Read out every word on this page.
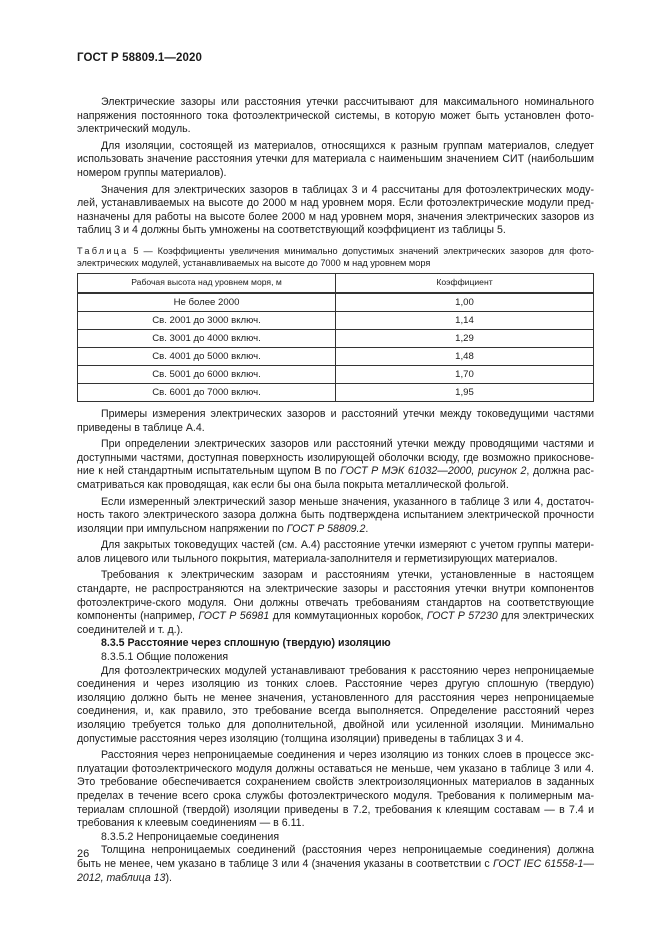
ГОСТ Р 58809.1—2020

Электрические зазоры или расстояния утечки рассчитывают для максимального номинального напряжения постоянного тока фотоэлектрической системы, в которую может быть установлен фото-электрический модуль.

Для изоляции, состоящей из материалов, относящихся к разным группам материалов, следует использовать значение расстояния утечки для материала с наименьшим значением СИТ (наибольшим номером группы материалов).

Значения для электрических зазоров в таблицах 3 и 4 рассчитаны для фотоэлектрических моду-лей, устанавливаемых на высоте до 2000 м над уровнем моря. Если фотоэлектрические модули пред-назначены для работы на высоте более 2000 м над уровнем моря, значения электрических зазоров из таблиц 3 и 4 должны быть умножены на соответствующий коэффициент из таблицы 5.

Таблица 5 — Коэффициенты увеличения минимально допустимых значений электрических зазоров для фото-электрических модулей, устанавливаемых на высоте до 7000 м над уровнем моря
Рабочая высота над уровнем моря, м	Коэффициент
Не более 2000	1,00
Св. 2001 до 3000 включ.	1,14
Св. 3001 до 4000 включ.	1,29
Св. 4001 до 5000 включ.	1,48
Св. 5001 до 6000 включ.	1,70
Св. 6001 до 7000 включ.	1,95

Примеры измерения электрических зазоров и расстояний утечки между токоведущими частями приведены в таблице А.4.

При определении электрических зазоров или расстояний утечки между проводящими частями и доступными частями, доступная поверхность изолирующей оболочки всюду, где возможно прикоснове-ние к ней стандартным испытательным щупом В по ГОСТ Р МЭК 61032—2000, рисунок 2, должна рас-сматриваться как проводящая, как если бы она была покрыта металлической фольгой.

Если измеренный электрический зазор меньше значения, указанного в таблице 3 или 4, достаточ-ность такого электрического зазора должна быть подтверждена испытанием электрической прочности изоляции при импульсном напряжении по ГОСТ Р 58809.2.

Для закрытых токоведущих частей (см. А.4) расстояние утечки измеряют с учетом группы матери-алов лицевого или тыльного покрытия, материала-заполнителя и герметизирующих материалов.

Требования к электрическим зазорам и расстояниям утечки, установленные в настоящем стандарте, не распространяются на электрические зазоры и расстояния утечки внутри компонентов фотоэлектриче-ского модуля. Они должны отвечать требованиям стандартов на соответствующие компоненты (например, ГОСТ Р 56981 для коммутационных коробок, ГОСТ Р 57230 для электрических соединителей и т. д.).

8.3.5 Расстояние через сплошную (твердую) изоляцию

8.3.5.1 Общие положения

Для фотоэлектрических модулей устанавливают требования к расстоянию через непроницаемые соединения и через изоляцию из тонких слоев. Расстояние через другую сплошную (твердую) изоляцию должно быть не менее значения, установленного для расстояния через непроницаемые соединения, и, как правило, это требование всегда выполняется. Определение расстояний через изоляцию требуется только для дополнительной, двойной или усиленной изоляции. Минимально допустимые расстояния через изоляцию (толщина изоляции) приведены в таблицах 3 и 4.

Расстояния через непроницаемые соединения и через изоляцию из тонких слоев в процессе экс-плуатации фотоэлектрического модуля должны оставаться не меньше, чем указано в таблице 3 или 4. Это требование обеспечивается сохранением свойств электроизоляционных материалов в заданных пределах в течение всего срока службы фотоэлектрического модуля. Требования к полимерным ма-териалам сплошной (твердой) изоляции приведены в 7.2, требования к клеящим составам — в 7.4 и требования к клеевым соединениям — в 6.11.

8.3.5.2 Непроницаемые соединения

Толщина непроницаемых соединений (расстояния через непроницаемые соединения) должна быть не менее, чем указано в таблице 3 или 4 (значения указаны в соответствии с ГОСТ IEC 61558-1—2012, таблица 13).

26
